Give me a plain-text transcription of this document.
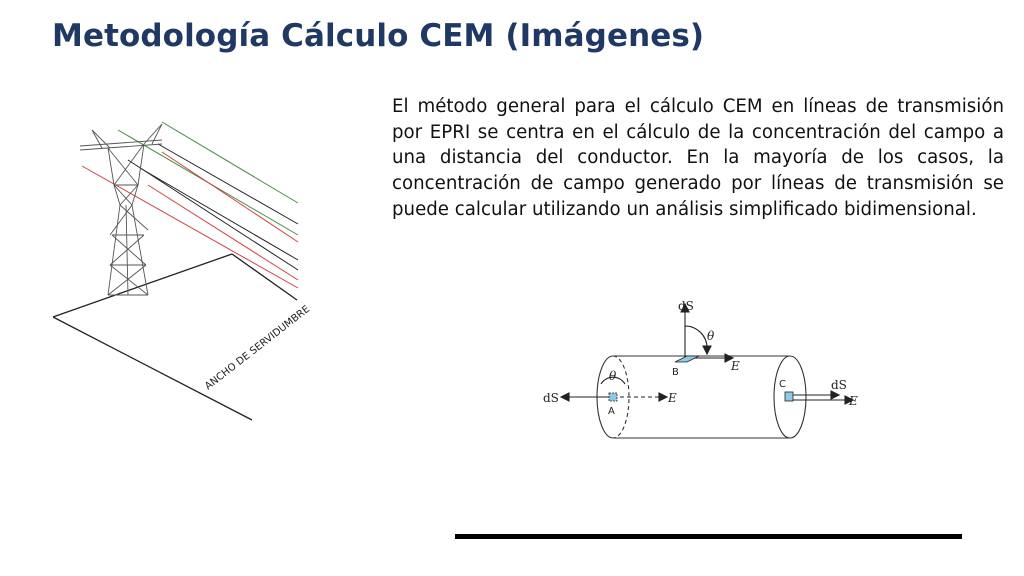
Metodología Cálculo CEM (Imágenes)
El método general para el cálculo CEM en líneas de transmisión por EPRI se centra en el cálculo de la concentración del campo a una distancia del conductor. En la mayoría de los casos, la concentración de campo generado por líneas de transmisión se puede calcular utilizando un análisis simplificado bidimensional.
ANCHO DE SERVIDUMBRE	dS
θ
E
B
θ
dS
A
E
C	dS
E
